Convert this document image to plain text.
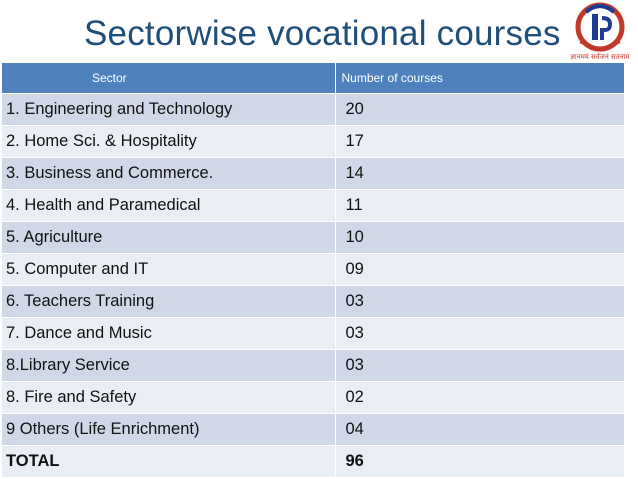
Sectorwise vocational courses
ज्ञानमयं सर्वजनं सतनाम
Sector	Number of courses
1. Engineering and Technology	20
2. Home Sci. & Hospitality	17
3. Business and Commerce.	14
4. Health and Paramedical	11
5. Agriculture	10
5. Computer and IT	09
6. Teachers Training	03
7. Dance and Music	03
8.Library Service	03
8. Fire and Safety	02
9 Others (Life Enrichment)	04
TOTAL	96
